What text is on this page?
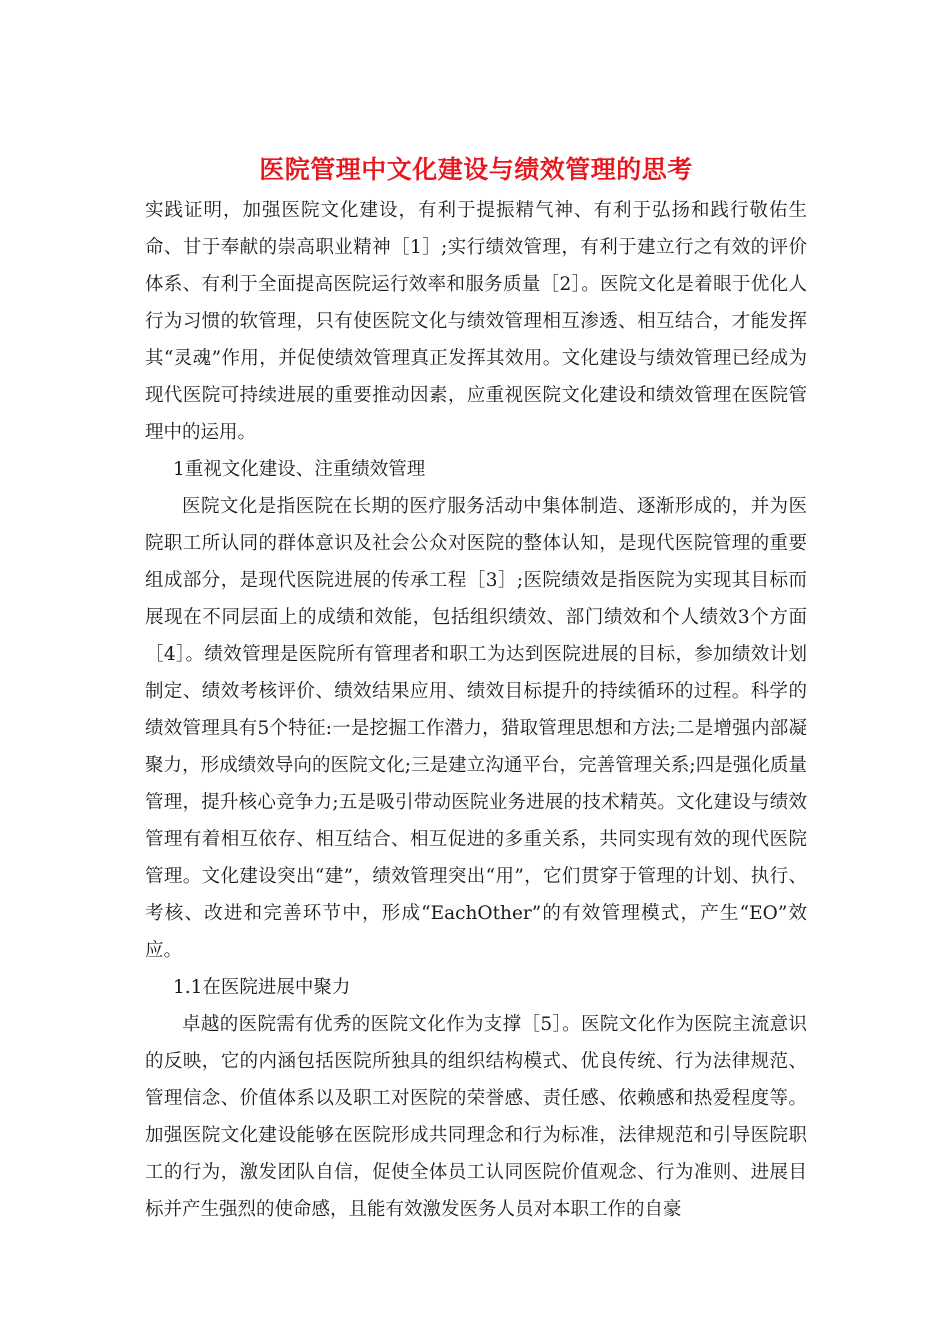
医院管理中文化建设与绩效管理的思考

实践证明，加强医院文化建设，有利于提振精气神、有利于弘扬和践行敬佑生命、甘于奉献的崇高职业精神［1］;实行绩效管理，有利于建立行之有效的评价体系、有利于全面提高医院运行效率和服务质量［2］。医院文化是着眼于优化人行为习惯的软管理，只有使医院文化与绩效管理相互渗透、相互结合，才能发挥其“灵魂”作用，并促使绩效管理真正发挥其效用。文化建设与绩效管理已经成为现代医院可持续进展的重要推动因素，应重视医院文化建设和绩效管理在医院管理中的运用。

1重视文化建设、注重绩效管理

医院文化是指医院在长期的医疗服务活动中集体制造、逐渐形成的，并为医院职工所认同的群体意识及社会公众对医院的整体认知，是现代医院管理的重要组成部分，是现代医院进展的传承工程［3］;医院绩效是指医院为实现其目标而展现在不同层面上的成绩和效能，包括组织绩效、部门绩效和个人绩效3个方面［4］。绩效管理是医院所有管理者和职工为达到医院进展的目标，参加绩效计划制定、绩效考核评价、绩效结果应用、绩效目标提升的持续循环的过程。科学的绩效管理具有5个特征:一是挖掘工作潜力，猎取管理思想和方法;二是增强内部凝聚力，形成绩效导向的医院文化;三是建立沟通平台，完善管理关系;四是强化质量管理，提升核心竞争力;五是吸引带动医院业务进展的技术精英。文化建设与绩效管理有着相互依存、相互结合、相互促进的多重关系，共同实现有效的现代医院管理。文化建设突出“建”，绩效管理突出“用”，它们贯穿于管理的计划、执行、考核、改进和完善环节中，形成“EachOther”的有效管理模式，产生“EO”效应。

1.1在医院进展中聚力

卓越的医院需有优秀的医院文化作为支撑［5］。医院文化作为医院主流意识的反映，它的内涵包括医院所独具的组织结构模式、优良传统、行为法律规范、管理信念、价值体系以及职工对医院的荣誉感、责任感、依赖感和热爱程度等。加强医院文化建设能够在医院形成共同理念和行为标准，法律规范和引导医院职工的行为，激发团队自信，促使全体员工认同医院价值观念、行为准则、进展目标并产生强烈的使命感，且能有效激发医务人员对本职工作的自豪
